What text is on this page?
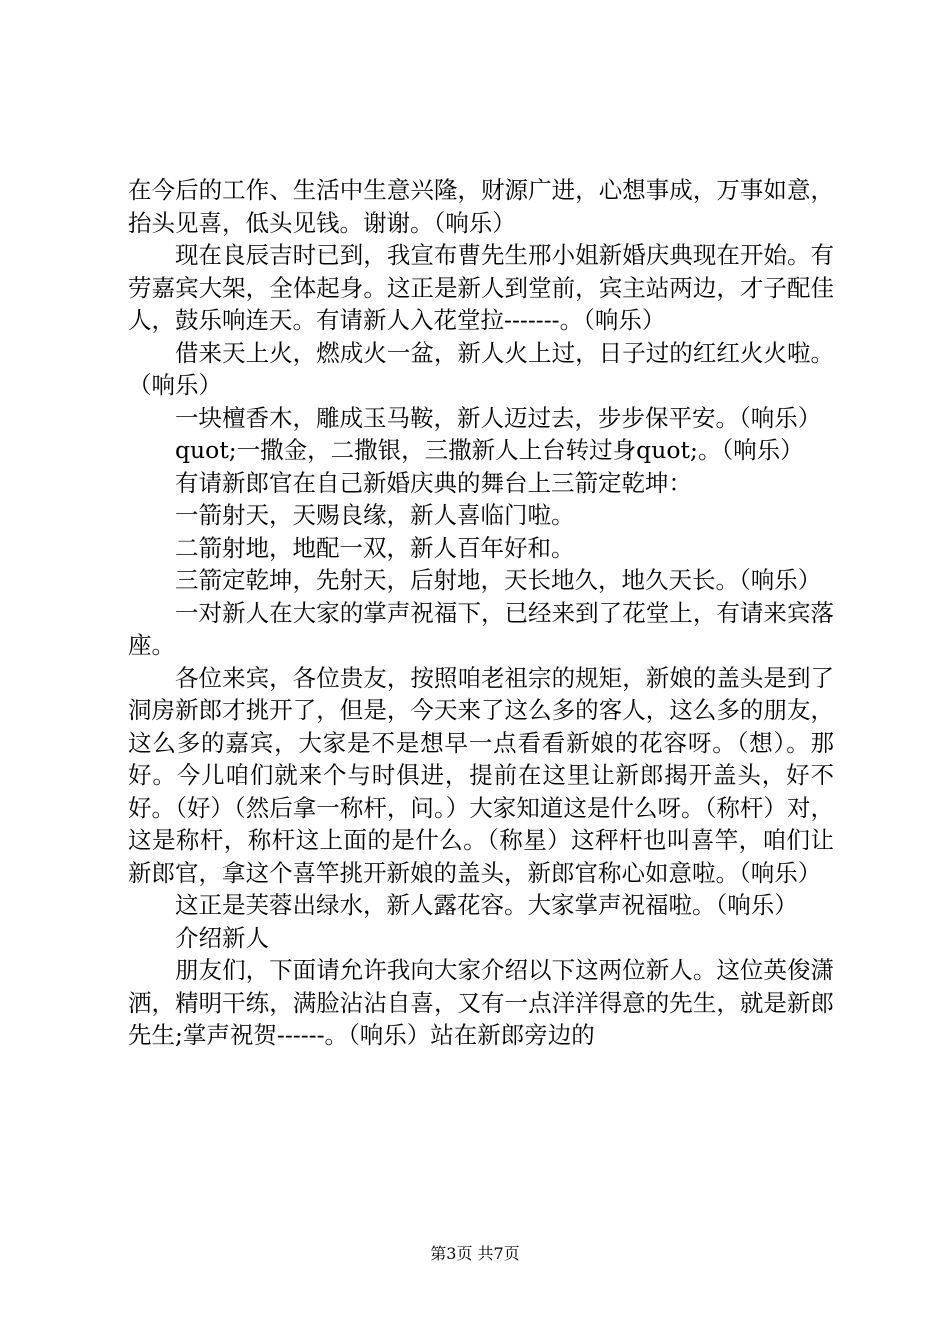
在今后的工作、生活中生意兴隆，财源广进，心想事成，万事如意，抬头见喜，低头见钱。谢谢。（响乐）

现在良辰吉时已到，我宣布曹先生邢小姐新婚庆典现在开始。有劳嘉宾大架，全体起身。这正是新人到堂前，宾主站两边，才子配佳人，鼓乐响连天。有请新人入花堂拉-------。（响乐）

借来天上火，燃成火一盆，新人火上过，日子过的红红火火啦。（响乐）

一块檀香木，雕成玉马鞍，新人迈过去，步步保平安。（响乐）

quot;一撒金，二撒银，三撒新人上台转过身quot;。（响乐）

有请新郎官在自己新婚庆典的舞台上三箭定乾坤：

一箭射天，天赐良缘，新人喜临门啦。

二箭射地，地配一双，新人百年好和。

三箭定乾坤，先射天，后射地，天长地久，地久天长。（响乐）

一对新人在大家的掌声祝福下，已经来到了花堂上，有请来宾落座。

各位来宾，各位贵友，按照咱老祖宗的规矩，新娘的盖头是到了洞房新郎才挑开了，但是，今天来了这么多的客人，这么多的朋友，这么多的嘉宾，大家是不是想早一点看看新娘的花容呀。（想）。那好。今儿咱们就来个与时俱进，提前在这里让新郎揭开盖头，好不好。（好）（然后拿一称杆，问。）大家知道这是什么呀。（称杆）对，这是称杆，称杆这上面的是什么。（称星）这秤杆也叫喜竿，咱们让新郎官，拿这个喜竿挑开新娘的盖头，新郎官称心如意啦。（响乐）

这正是芙蓉出绿水，新人露花容。大家掌声祝福啦。（响乐）

介绍新人

朋友们，下面请允许我向大家介绍以下这两位新人。这位英俊潇洒，精明干练，满脸沾沾自喜，又有一点洋洋得意的先生，就是新郎先生;掌声祝贺------。（响乐）站在新郎旁边的

第3页 共7页
